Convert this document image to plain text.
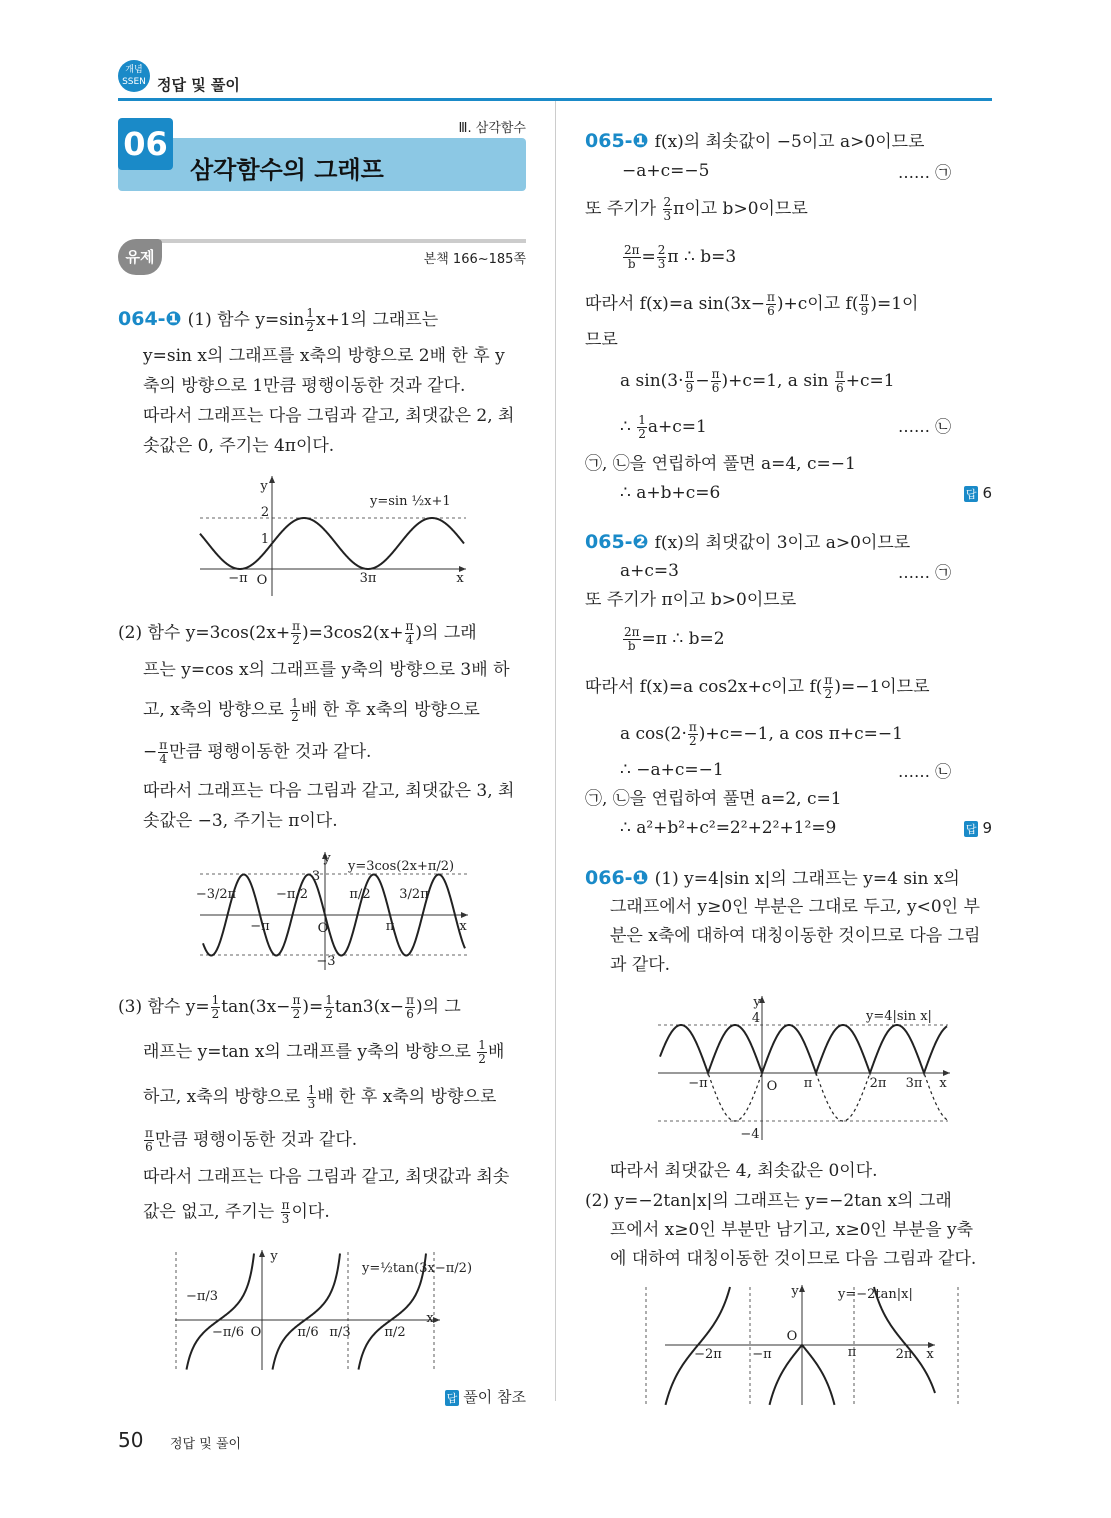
개념
SSEN 정답 및 풀이
06	Ⅲ. 삼각함수
삼각함수의 그래프
유제	본책 166~185쪽
064-❶ (1) 함수 $y=\sin \frac{1}{2} x+1$의 그래프는
y=sin x의 그래프를 x축의 방향으로 2배 한 후 y
축의 방향으로 1만큼 평행이동한 것과 같다.
따라서 그래프는 다음 그림과 같고, 최댓값은 2, 최
솟값은 0, 주기는 4π이다.
(2) 함수 $y=3\cos(2x+ \frac{\pi}{2} )=3\cos 2(x+ \frac{\pi}{4}$ )의 그래
프는 y=cos x의 그래프를 y축의 방향으로 3배 하
고, x축의 방향으로 $\frac{1}{2}$ 배 한 후 x축의 방향으로
− $\frac{\pi}{4}$ 만큼 평행이동한 것과 같다.
따라서 그래프는 다음 그림과 같고, 최댓값은 3, 최
솟값은 −3, 주기는 π이다.
(3) 함수 $y= \frac{1}{2} \tan(3x- \frac{\pi}{2}$ )= $\frac{1}{2} \tan 3(x- \frac{\pi}{6}$ )의 그
래프는 y=tan x의 그래프를 y축의 방향으로 $\frac{1}{2}$ 배
하고, x축의 방향으로 $\frac{1}{3}$ 배 한 후 x축의 방향으로
$\frac{\pi}{6}$ 만큼 평행이동한 것과 같다.
따라서 그래프는 다음 그림과 같고, 최댓값과 최솟
값은 없고, 주기는 $\frac{\pi}{3}$ 이다.
답 풀이 참조
065-❶ f(x)의 최솟값이 −5이고 a>0이므로
−a+c=−5	…… ㉠
또 주기가 $\frac{2}{3}$ π이고 b>0이므로
$\frac{2\pi}{b} = \frac{2}{3}$ π ∴ b=3
따라서 f(x)=a $\sin(3x- \frac{\pi}{6} )+c$이고 $f( \frac{\pi}{9} )=1$이
므로
a $\sin(3\cdot \frac{\pi}{9} - \frac{\pi}{6} )+c=1$, a $\sin \frac{\pi}{6} +c=1$
∴ $\frac{1}{2} a+c=1$	…… ㉡
㉠, ㉡을 연립하여 풀면 a=4, c=−1
∴ a+b+c=6	답 6
065-❷ f(x)의 최댓값이 3이고 a>0이므로
a+c=3	…… ㉠
또 주기가 π이고 b>0이므로
$\frac{2\pi}{b} =\pi$ ∴ b=2
따라서 f(x)=a cos2x+c이고 $f( \frac{\pi}{2} )=-1$이므로
a $\cos(2\cdot \frac{\pi}{2} )+c=-1$, a cos π+c=−1
∴ −a+c=−1	…… ㉡
㉠, ㉡을 연립하여 풀면 a=2, c=1
∴ a²+b²+c²=2²+2²+1²=9	답 9
066-❶ (1) y=4|sin x|의 그래프는 y=4 sin x의
그래프에서 y≥0인 부분은 그대로 두고, y<0인 부
분은 x축에 대하여 대칭이동한 것이므로 다음 그림
과 같다.
따라서 최댓값은 4, 최솟값은 0이다.
(2) y=−2tan|x|의 그래프는 y=−2tan x의 그래
프에서 x≥0인 부분만 남기고, x≥0인 부분을 y축
에 대하여 대칭이동한 것이므로 다음 그림과 같다.
2
1
−π O	3π	x
y
y=sin ½x+1
3
−3
−3/2π	−π/2	π/2 3/2π
−π	O	π	x
y
y=3cos(2x+π/2)
−π/3
−π/6 O	π/6 π/3	π/2
x
y
y=½tan(3x−π/2)
4
−4
−π	O π	2π 3π x
y
y=4|sin x|
−2π −π
O
π	2π x
y	y=−2tan|x|
50 정답 및 풀이
